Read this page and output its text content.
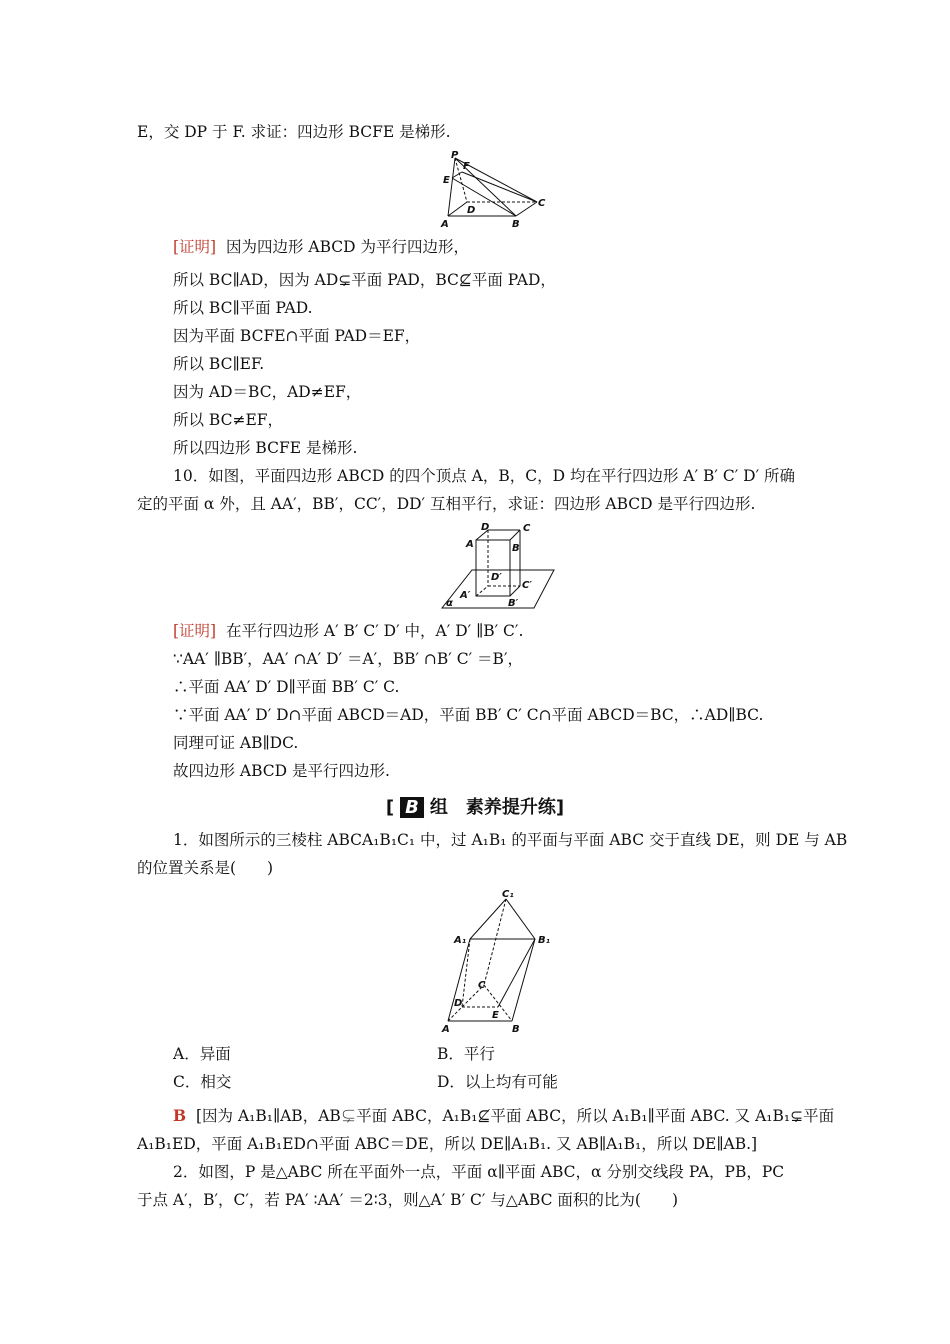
E，交 DP 于 F. 求证：四边形 BCFE 是梯形.
P
F
E
D
C
A	B
[证明] 因为四边形 ABCD 为平行四边形，
所以 BC∥AD，因为 AD⊊平面 PAD，BC⊈平面 PAD，
所以 BC∥平面 PAD.
因为平面 BCFE∩平面 PAD＝EF，
所以 BC∥EF.
因为 AD＝BC，AD≠EF，
所以 BC≠EF，
所以四边形 BCFE 是梯形.
10．如图，平面四边形 ABCD 的四个顶点 A，B，C，D 均在平行四边形 A′ B′ C′ D′ 所确
定的平面 α 外，且 AA′，BB′，CC′，DD′ 互相平行，求证：四边形 ABCD 是平行四边形.
D	C
A	B
D′
C′
A′
B′
α
[证明] 在平行四边形 A′ B′ C′ D′ 中，A′ D′ ∥B′ C′.
∵AA′ ∥BB′，AA′ ∩A′ D′ ＝A′，BB′ ∩B′ C′ ＝B′，
∴平面 AA′ D′ D∥平面 BB′ C′ C.
∵平面 AA′ D′ D∩平面 ABCD＝AD，平面 BB′ C′ C∩平面 ABCD＝BC，∴AD∥BC.
同理可证 AB∥DC.
故四边形 ABCD 是平行四边形.
[ B 组　素养提升练]
1．如图所示的三棱柱 ABCA₁B₁C₁ 中，过 A₁B₁ 的平面与平面 ABC 交于直线 DE，则 DE 与 AB
的位置关系是(　　)
C₁
A₁	B₁
C
D
E
A	B
A．异面	B．平行
C．相交	D．以上均有可能
B [因为 A₁B₁∥AB，AB⊊平面 ABC，A₁B₁⊈平面 ABC，所以 A₁B₁∥平面 ABC. 又 A₁B₁⊊平面
A₁B₁ED，平面 A₁B₁ED∩平面 ABC＝DE，所以 DE∥A₁B₁. 又 AB∥A₁B₁，所以 DE∥AB.]
2．如图，P 是△ABC 所在平面外一点，平面 α∥平面 ABC，α 分别交线段 PA，PB，PC
于点 A′，B′，C′，若 PA′ ∶AA′ ＝2∶3，则△A′ B′ C′ 与△ABC 面积的比为(　　)
